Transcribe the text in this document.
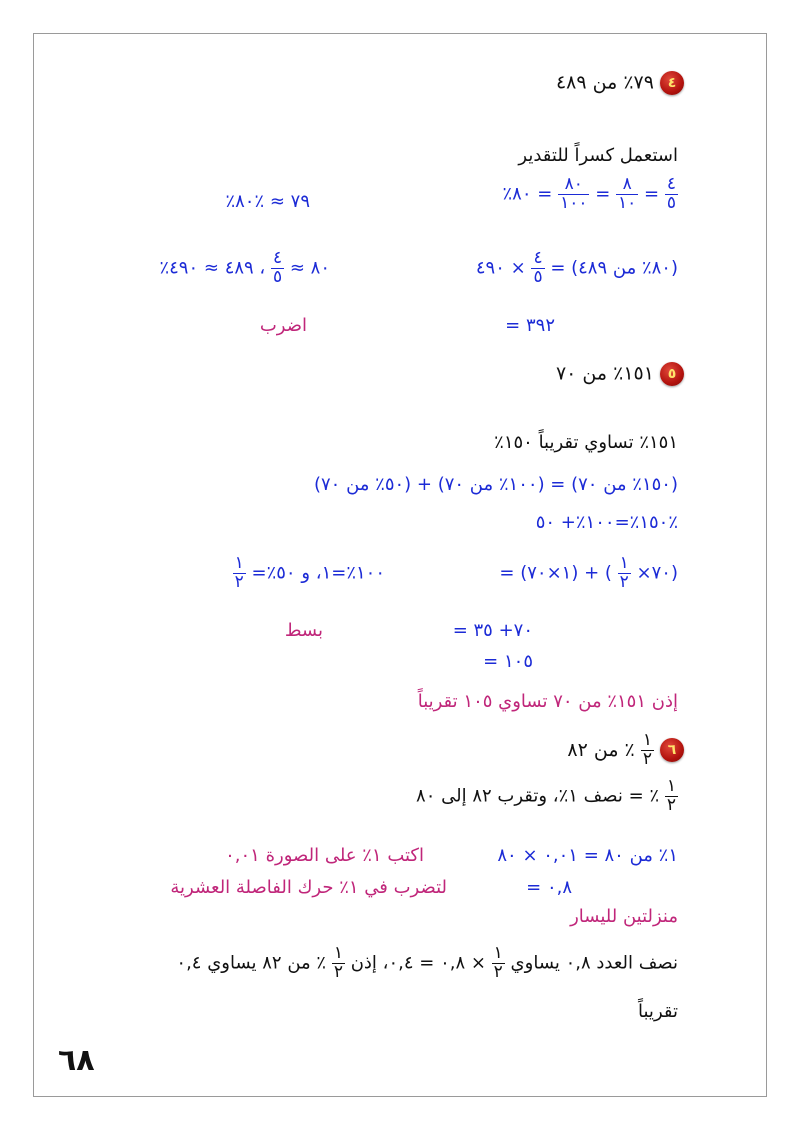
٤ ٧٩٪ من ٤٨٩
استعمل كسراً للتقدير
٪٨٠ = $\frac{٨٠}{١٠٠} = \frac{٨}{١٠} = \frac{٤}{٥}$
٪٧٩ ≈ ٪٨٠
(٨٠٪ من ٤٨٩) =
$\frac{٤}{٥}$
× ٤٩٠
٪٨٠ ≈
$\frac{٤}{٥}$
، ٤٨٩ ≈ ٤٩٠
= ٣٩٢
اضرب
٥ ١٥١٪ من ٧٠
١٥١٪ تساوي تقريباً ١٥٠٪
(١٥٠٪ من ٧٠) = (١٠٠٪ من ٧٠) + (٥٠٪ من ٧٠)
١٥٠٪=١٠٠٪+ ٥٠٪
= (١×٧٠) + ( $\frac{١}{٢}$ ×٧٠)
١٠٠٪=١، و ٥٠٪=
$\frac{١}{٢}$
= ٧٠+ ٣٥
بسط
= ١٠٥
إذن ١٥١٪ من ٧٠ تساوي ١٠٥ تقريباً
٦
$\frac{١}{٢}$
٪ من ٨٢
$\frac{١}{٢}$
٪ = نصف ١٪، وتقرب ٨٢ إلى ٨٠
١٪ من ٨٠ = ٠,٠١ × ٨٠
اكتب ١٪ على الصورة ٠,٠١
= ٠,٨
لتضرب في ١٪ حرك الفاصلة العشرية
منزلتين لليسار
نصف العدد ٠,٨ يساوي
$\frac{١}{٢}$
× ٠,٨ = ٠,٤، إذن
$\frac{١}{٢}$
٪ من ٨٢ يساوي ٠,٤
تقريباً
٦٨
